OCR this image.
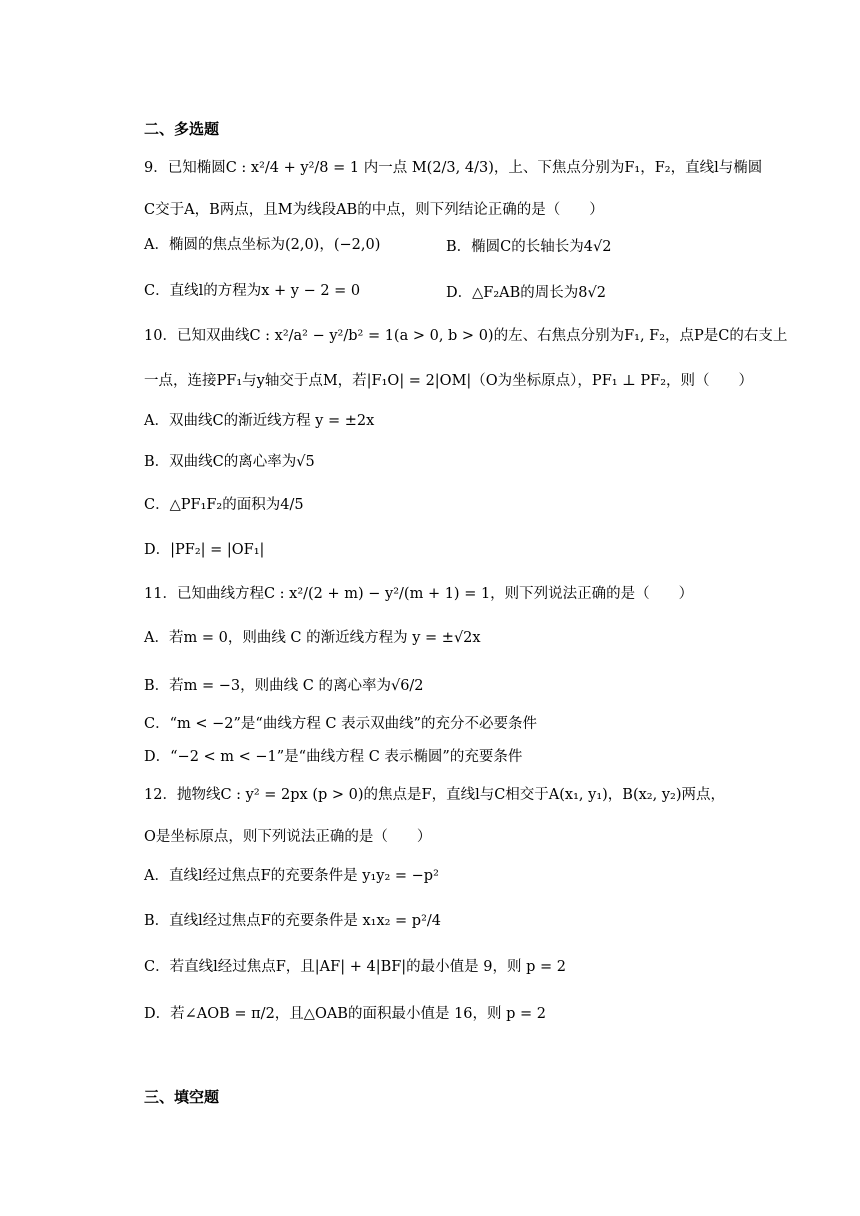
二、多选题
9．已知椭圆C : x²/4 + y²/8 = 1 内一点 M(2/3, 4/3)，上、下焦点分别为F₁，F₂，直线l与椭圆
C交于A，B两点，且M为线段AB的中点，则下列结论正确的是（　　）
A．椭圆的焦点坐标为(2,0)，(−2,0)	B．椭圆C的长轴长为4√2
C．直线l的方程为x + y − 2 = 0	D．△F₂AB的周长为8√2
10．已知双曲线C : x²/a² − y²/b² = 1(a > 0, b > 0)的左、右焦点分别为F₁, F₂，点P是C的右支上
一点，连接PF₁与y轴交于点M，若|F₁O| = 2|OM|（O为坐标原点），PF₁ ⊥ PF₂，则（　　）
A．双曲线C的渐近线方程 y = ±2x
B．双曲线C的离心率为√5
C．△PF₁F₂的面积为4/5
D．|PF₂| = |OF₁|
11．已知曲线方程C : x²/(2 + m) − y²/(m + 1) = 1，则下列说法正确的是（　　）
A．若m = 0，则曲线 C 的渐近线方程为 y = ±√2x
B．若m = −3，则曲线 C 的离心率为√6/2
C．“m < −2”是“曲线方程 C 表示双曲线”的充分不必要条件
D．“−2 < m < −1”是“曲线方程 C 表示椭圆”的充要条件
12．抛物线C : y² = 2px (p > 0)的焦点是F，直线l与C相交于A(x₁, y₁)，B(x₂, y₂)两点，
O是坐标原点，则下列说法正确的是（　　）
A．直线l经过焦点F的充要条件是 y₁y₂ = −p²
B．直线l经过焦点F的充要条件是 x₁x₂ = p²/4
C．若直线l经过焦点F，且|AF| + 4|BF|的最小值是 9，则 p = 2
D．若∠AOB = π/2，且△OAB的面积最小值是 16，则 p = 2
三、填空题
